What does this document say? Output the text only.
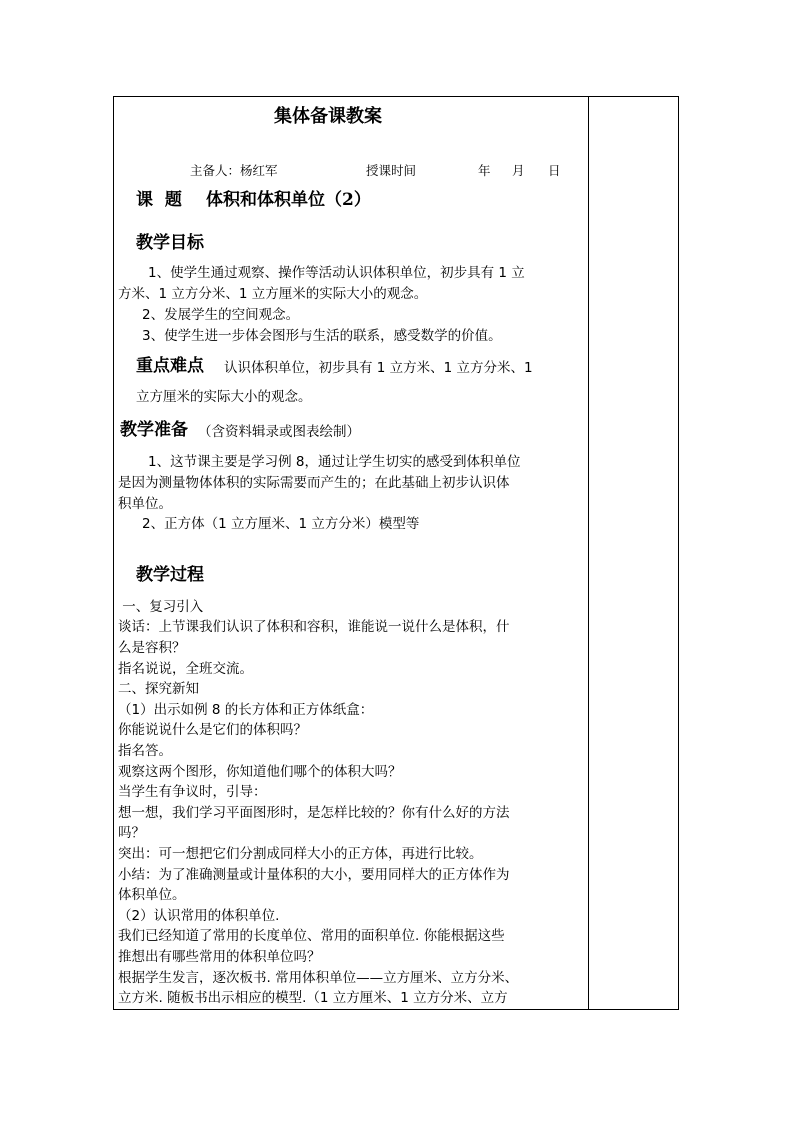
集体备课教案
主备人：杨红军	授课时间	年 月 日
课  题 体积和体积单位（2）
教学目标
1、使学生通过观察、操作等活动认识体积单位，初步具有 1 立
方米、1 立方分米、1 立方厘米的实际大小的观念。
2、发展学生的空间观念。
3、使学生进一步体会图形与生活的联系，感受数学的价值。
重点难点 认识体积单位，初步具有 1 立方米、1 立方分米、1
立方厘米的实际大小的观念。
教学准备 （含资料辑录或图表绘制）
1、这节课主要是学习例 8，通过让学生切实的感受到体积单位
是因为测量物体体积的实际需要而产生的；在此基础上初步认识体
积单位。
2、正方体（1 立方厘米、1 立方分米）模型等
教学过程
一、复习引入
谈话：上节课我们认识了体积和容积，谁能说一说什么是体积，什
么是容积？
指名说说，全班交流。
二、探究新知
（1）出示如例 8 的长方体和正方体纸盒：
你能说说什么是它们的体积吗？
指名答。
观察这两个图形，你知道他们哪个的体积大吗？
当学生有争议时，引导：
想一想，我们学习平面图形时，是怎样比较的？你有什么好的方法
吗？
突出：可一想把它们分割成同样大小的正方体，再进行比较。
小结：为了准确测量或计量体积的大小，要用同样大的正方体作为
体积单位。
（2）认识常用的体积单位.
我们已经知道了常用的长度单位、常用的面积单位. 你能根据这些
推想出有哪些常用的体积单位吗？
根据学生发言，逐次板书. 常用体积单位——立方厘米、立方分米、
立方米. 随板书出示相应的模型.（1 立方厘米、1 立方分米、立方
